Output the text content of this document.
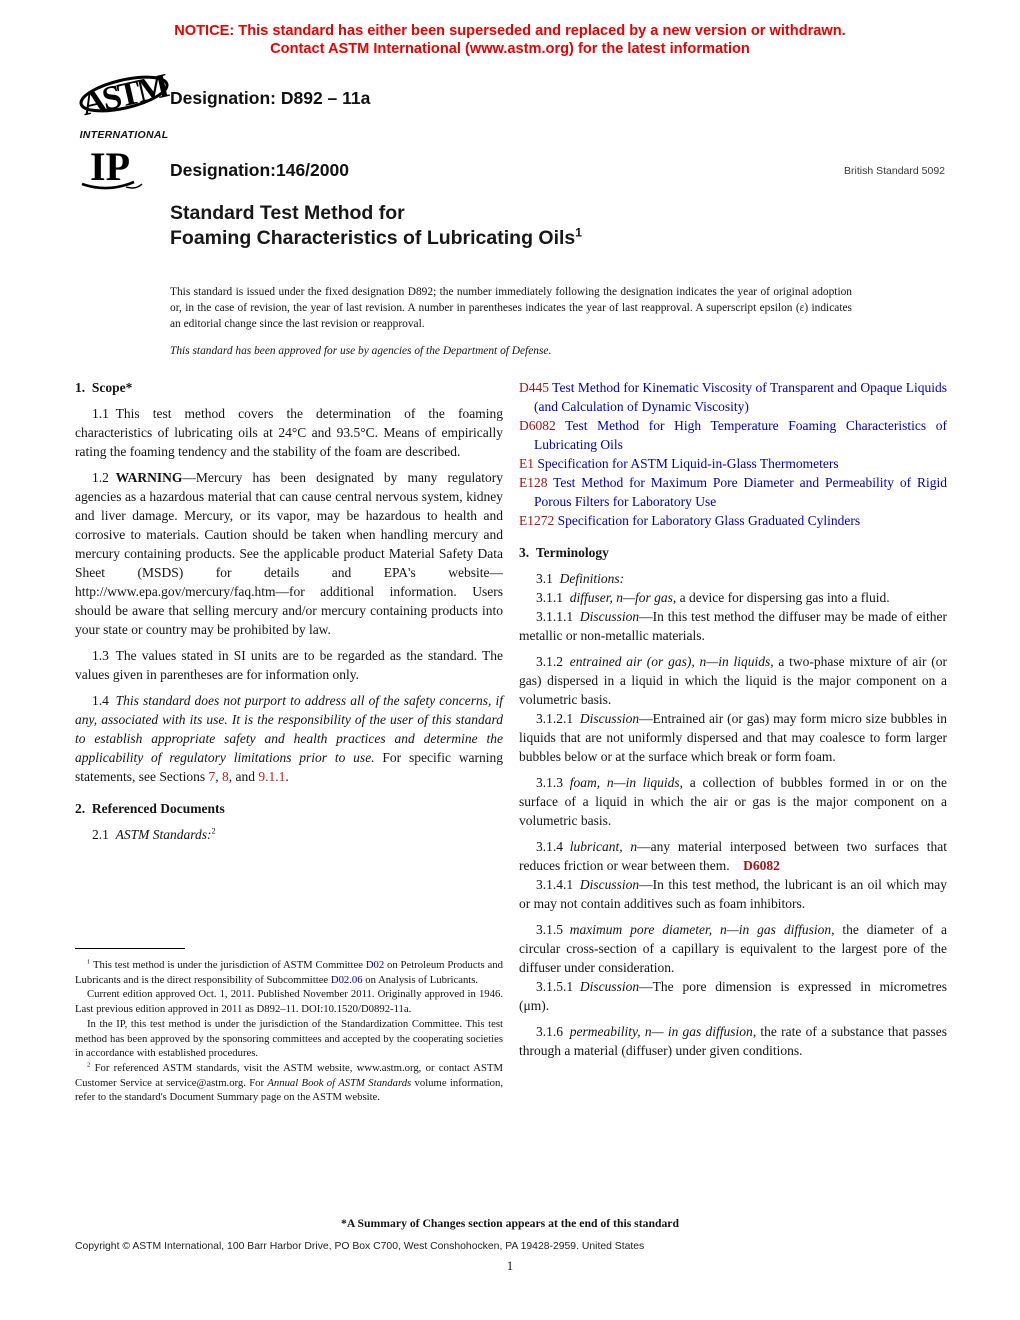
NOTICE: This standard has either been superseded and replaced by a new version or withdrawn.
Contact ASTM International (www.astm.org) for the latest information
ASTM
INTERNATIONAL
Designation: D892 – 11a
IP Designation:146/2000	British Standard 5092
Standard Test Method for
Foaming Characteristics of Lubricating Oils$^1$

This standard is issued under the fixed designation D892; the number immediately following the designation indicates the year of original adoption or, in the case of revision, the year of last revision. A number in parentheses indicates the year of last reapproval. A superscript epsilon (ε) indicates an editorial change since the last revision or reapproval.

This standard has been approved for use by agencies of the Department of Defense.

1. Scope*
1.1 This test method covers the determination of the foaming characteristics of lubricating oils at 24°C and 93.5°C. Means of empirically rating the foaming tendency and the stability of the foam are described.
1.2 WARNING—Mercury has been designated by many regulatory agencies as a hazardous material that can cause central nervous system, kidney and liver damage. Mercury, or its vapor, may be hazardous to health and corrosive to materials. Caution should be taken when handling mercury and mercury containing products. See the applicable product Material Safety Data Sheet (MSDS) for details and EPA's website—http://www.epa.gov/mercury/faq.htm—for additional information. Users should be aware that selling mercury and/or mercury containing products into your state or country may be prohibited by law.
1.3 The values stated in SI units are to be regarded as the standard. The values given in parentheses are for information only.
1.4 This standard does not purport to address all of the safety concerns, if any, associated with its use. It is the responsibility of the user of this standard to establish appropriate safety and health practices and determine the applicability of regulatory limitations prior to use. For specific warning statements, see Sections 7, 8, and 9.1.1.
2. Referenced Documents
2.1 ASTM Standards:$^2$
D445 Test Method for Kinematic Viscosity of Transparent and Opaque Liquids (and Calculation of Dynamic Viscosity)
D6082 Test Method for High Temperature Foaming Characteristics of Lubricating Oils
E1 Specification for ASTM Liquid-in-Glass Thermometers
E128 Test Method for Maximum Pore Diameter and Permeability of Rigid Porous Filters for Laboratory Use
E1272 Specification for Laboratory Glass Graduated Cylinders
3. Terminology
3.1 Definitions:
3.1.1 diffuser, n—for gas, a device for dispersing gas into a fluid.
3.1.1.1 Discussion—In this test method the diffuser may be made of either metallic or non-metallic materials.
3.1.2 entrained air (or gas), n—in liquids, a two-phase mixture of air (or gas) dispersed in a liquid in which the liquid is the major component on a volumetric basis.
3.1.2.1 Discussion—Entrained air (or gas) may form micro size bubbles in liquids that are not uniformly dispersed and that may coalesce to form larger bubbles below or at the surface which break or form foam.
3.1.3 foam, n—in liquids, a collection of bubbles formed in or on the surface of a liquid in which the air or gas is the major component on a volumetric basis.
3.1.4 lubricant, n—any material interposed between two surfaces that reduces friction or wear between them. D6082
3.1.4.1 Discussion—In this test method, the lubricant is an oil which may or may not contain additives such as foam inhibitors.
3.1.5 maximum pore diameter, n—in gas diffusion, the diameter of a circular cross-section of a capillary is equivalent to the largest pore of the diffuser under consideration.
3.1.5.1 Discussion—The pore dimension is expressed in micrometres (μm).
3.1.6 permeability, n— in gas diffusion, the rate of a substance that passes through a material (diffuser) under given conditions.
$^1$ This test method is under the jurisdiction of ASTM Committee D02 on Petroleum Products and Lubricants and is the direct responsibility of Subcommittee D02.06 on Analysis of Lubricants.
Current edition approved Oct. 1, 2011. Published November 2011. Originally approved in 1946. Last previous edition approved in 2011 as D892–11. DOI:10.1520/D0892-11a.
In the IP, this test method is under the jurisdiction of the Standardization Committee. This test method has been approved by the sponsoring committees and accepted by the cooperating societies in accordance with established procedures.
$^2$ For referenced ASTM standards, visit the ASTM website, www.astm.org, or contact ASTM Customer Service at service@astm.org. For Annual Book of ASTM Standards volume information, refer to the standard's Document Summary page on the ASTM website.
*A Summary of Changes section appears at the end of this standard
Copyright © ASTM International, 100 Barr Harbor Drive, PO Box C700, West Conshohocken, PA 19428-2959. United States
1
